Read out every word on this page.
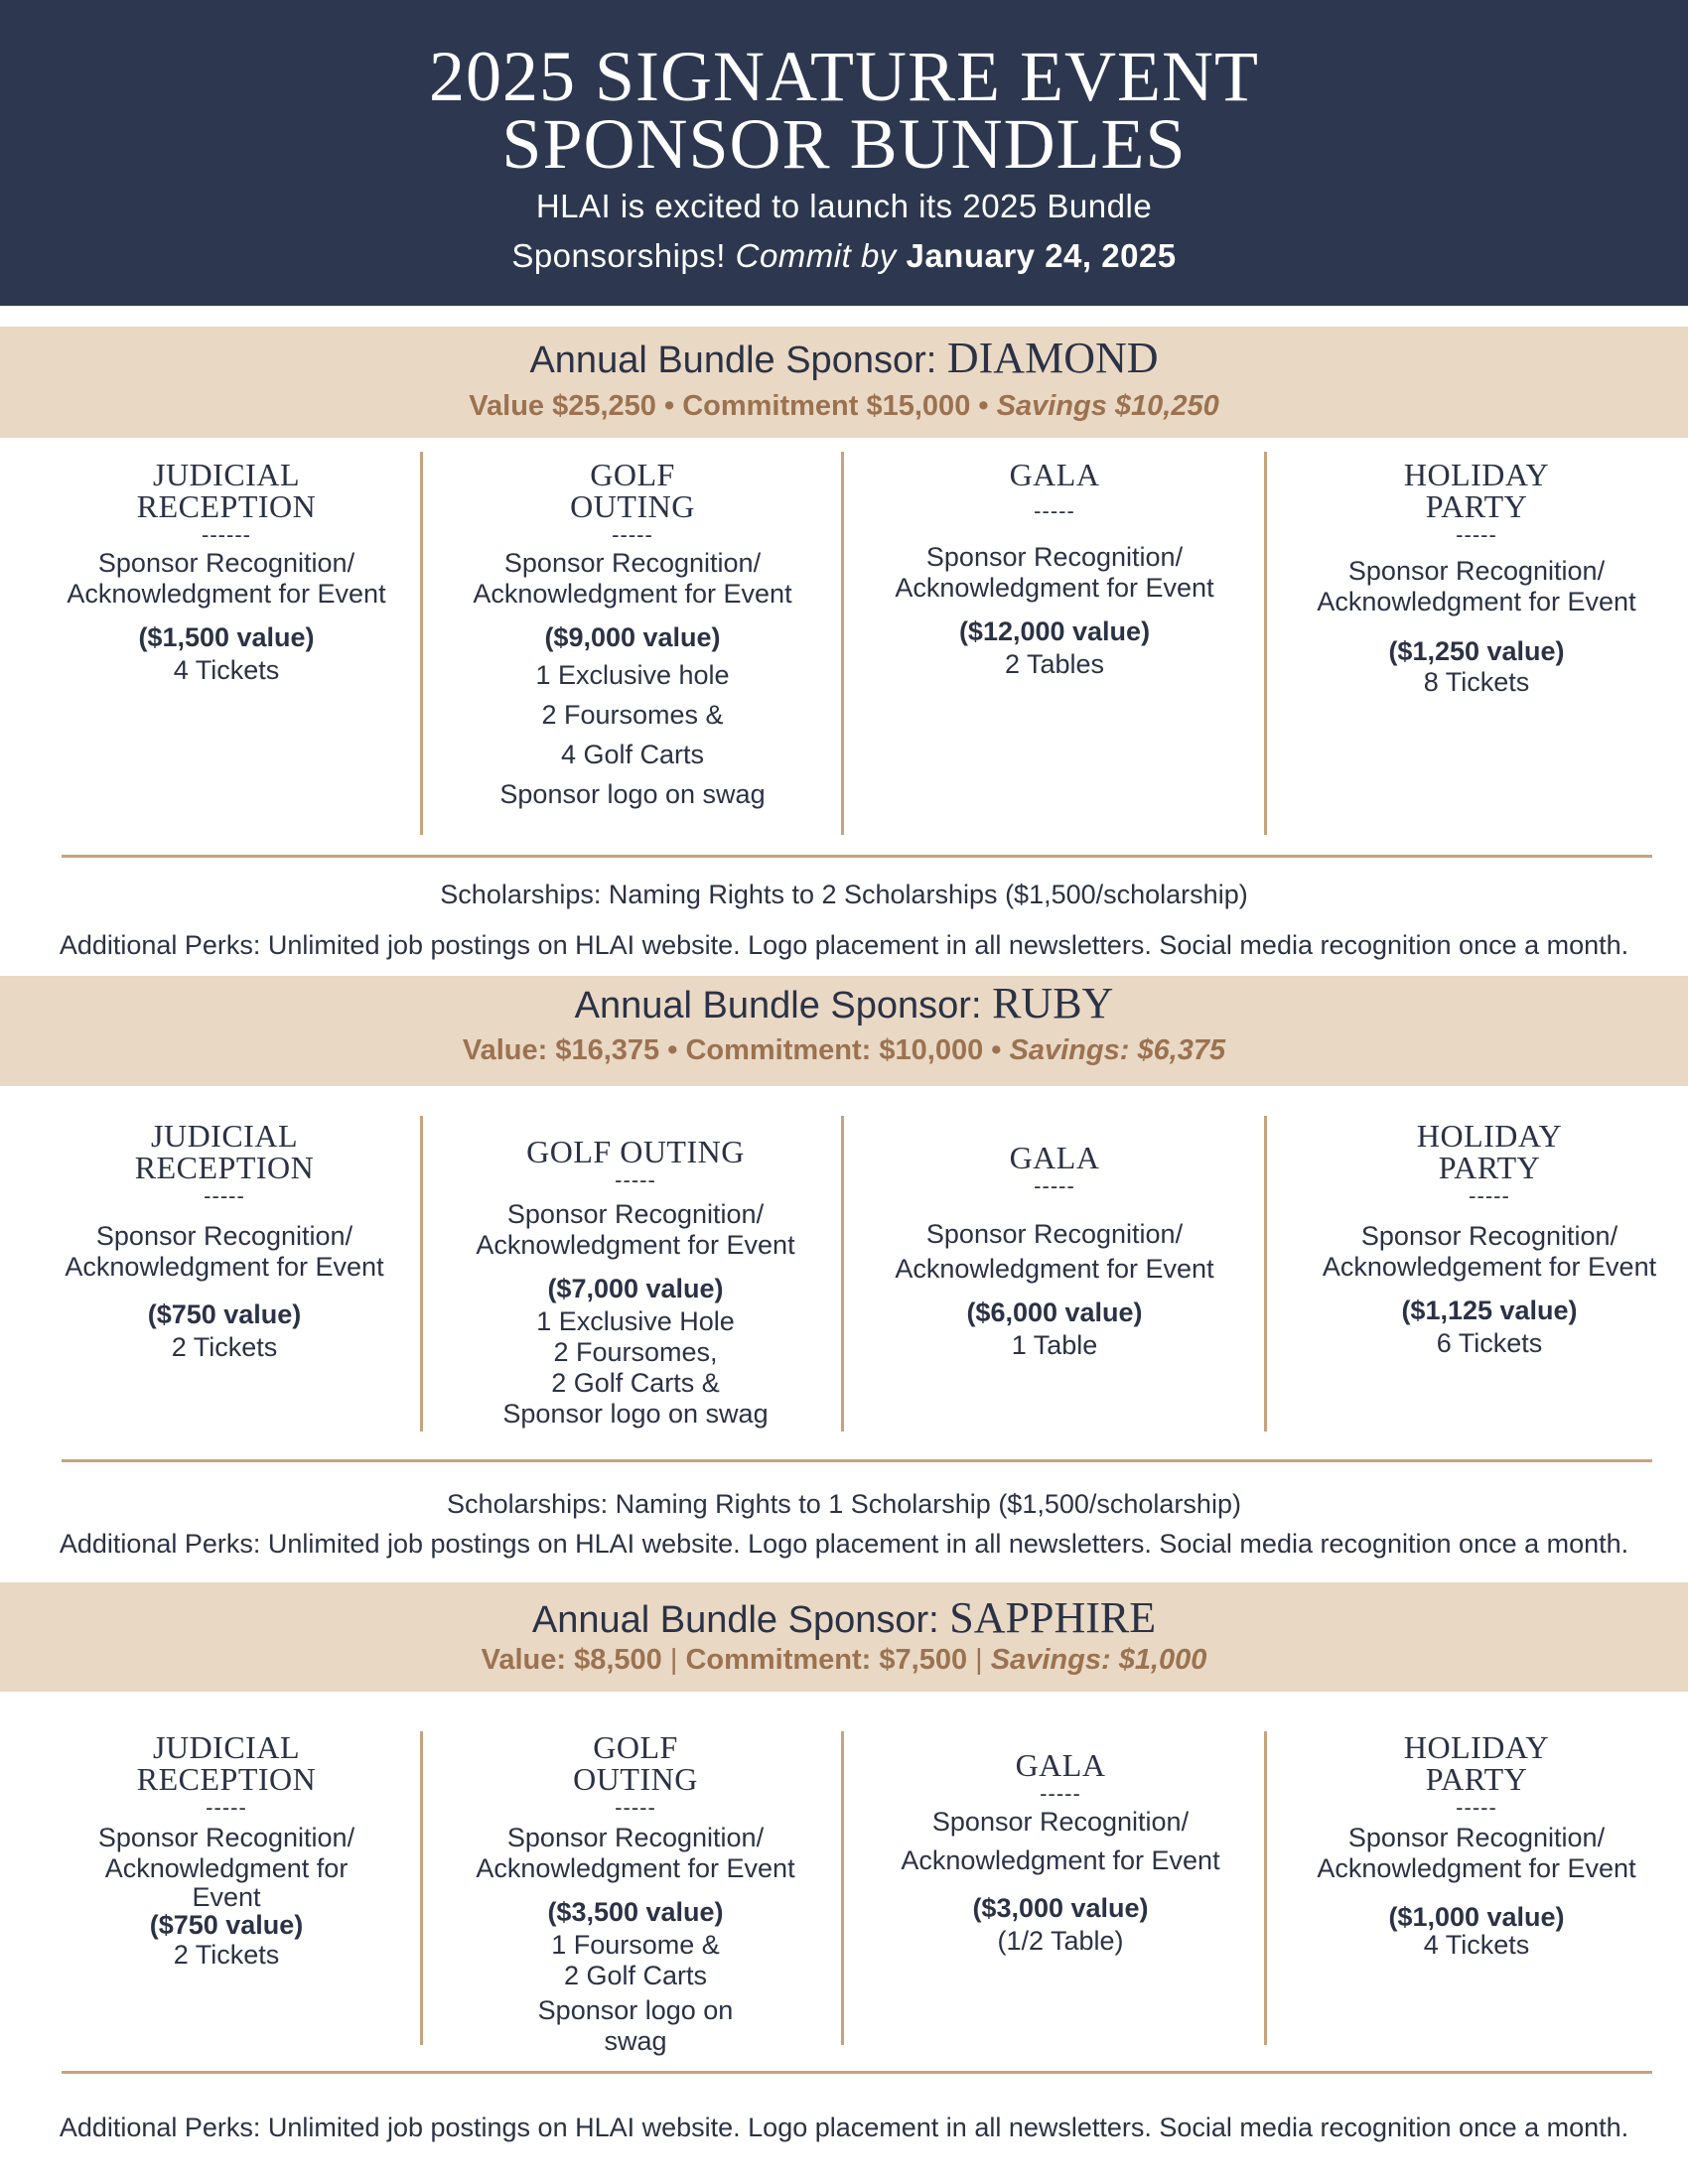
2025 SIGNATURE EVENT
SPONSOR BUNDLES
HLAI is excited to launch its 2025 Bundle
Sponsorships! Commit by January 24, 2025
Annual Bundle Sponsor: DIAMOND
Value $25,250 • Commitment $15,000 • Savings $10,250
JUDICIAL
RECEPTION
------
Sponsor Recognition/
Acknowledgment for Event
($1,500 value)
4 Tickets
GOLF
OUTING
-----
Sponsor Recognition/
Acknowledgment for Event
($9,000 value)
1 Exclusive hole
2 Foursomes &
4 Golf Carts
Sponsor logo on swag
GALA
-----
Sponsor Recognition/
Acknowledgment for Event
($12,000 value)
2 Tables
HOLIDAY
PARTY
-----
Sponsor Recognition/
Acknowledgment for Event
($1,250 value)
8 Tickets
Scholarships: Naming Rights to 2 Scholarships ($1,500/scholarship)
Additional Perks: Unlimited job postings on HLAI website. Logo placement in all newsletters. Social media recognition once a month.
Annual Bundle Sponsor: RUBY
Value: $16,375 • Commitment: $10,000 • Savings: $6,375
JUDICIAL
RECEPTION
-----
Sponsor Recognition/
Acknowledgment for Event
($750 value)
2 Tickets
GOLF OUTING
-----
Sponsor Recognition/
Acknowledgment for Event
($7,000 value)
1 Exclusive Hole
2 Foursomes,
2 Golf Carts &
Sponsor logo on swag
GALA
-----
Sponsor Recognition/
Acknowledgment for Event
($6,000 value)
1 Table
HOLIDAY
PARTY
-----
Sponsor Recognition/
Acknowledgement for Event
($1,125 value)
6 Tickets
Scholarships: Naming Rights to 1 Scholarship ($1,500/scholarship)
Additional Perks: Unlimited job postings on HLAI website. Logo placement in all newsletters. Social media recognition once a month.
Annual Bundle Sponsor: SAPPHIRE
Value: $8,500 | Commitment: $7,500 | Savings: $1,000
JUDICIAL
RECEPTION
-----
Sponsor Recognition/
Acknowledgment for
Event
($750 value)
2 Tickets
GOLF
OUTING
-----
Sponsor Recognition/
Acknowledgment for Event
($3,500 value)
1 Foursome &
2 Golf Carts
Sponsor logo on
swag
GALA
-----
Sponsor Recognition/
Acknowledgment for Event
($3,000 value)
(1/2 Table)
HOLIDAY
PARTY
-----
Sponsor Recognition/
Acknowledgment for Event
($1,000 value)
4 Tickets
Additional Perks: Unlimited job postings on HLAI website. Logo placement in all newsletters. Social media recognition once a month.
